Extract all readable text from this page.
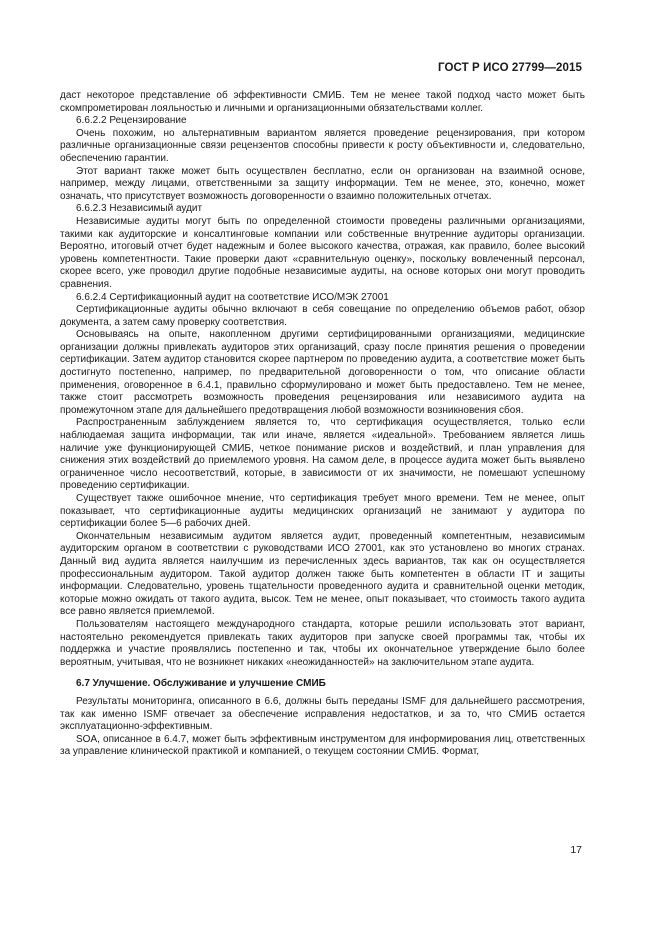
ГОСТ Р ИСО 27799—2015

даст некоторое представление об эффективности СМИБ. Тем не менее такой подход часто может быть скомпрометирован лояльностью и личными и организационными обязательствами коллег.

6.6.2.2 Рецензирование

Очень похожим, но альтернативным вариантом является проведение рецензирования, при котором различные организационные связи рецензентов способны привести к росту объективности и, следовательно, обеспечению гарантии.

Этот вариант также может быть осуществлен бесплатно, если он организован на взаимной основе, например, между лицами, ответственными за защиту информации. Тем не менее, это, конечно, может означать, что присутствует возможность договоренности о взаимно положительных отчетах.

6.6.2.3 Независимый аудит

Независимые аудиты могут быть по определенной стоимости проведены различными организациями, такими как аудиторские и консалтинговые компании или собственные внутренние аудиторы организации. Вероятно, итоговый отчет будет надежным и более высокого качества, отражая, как правило, более высокий уровень компетентности. Такие проверки дают «сравнительную оценку», поскольку вовлеченный персонал, скорее всего, уже проводил другие подобные независимые аудиты, на основе которых они могут проводить сравнения.

6.6.2.4 Сертификационный аудит на соответствие ИСО/МЭК 27001

Сертификационные аудиты обычно включают в себя совещание по определению объемов работ, обзор документа, а затем саму проверку соответствия.

Основываясь на опыте, накопленном другими сертифицированными организациями, медицинские организации должны привлекать аудиторов этих организаций, сразу после принятия решения о проведении сертификации. Затем аудитор становится скорее партнером по проведению аудита, а соответствие может быть достигнуто постепенно, например, по предварительной договоренности о том, что описание области применения, оговоренное в 6.4.1, правильно сформулировано и может быть предоставлено. Тем не менее, также стоит рассмотреть возможность проведения рецензирования или независимого аудита на промежуточном этапе для дальнейшего предотвращения любой возможности возникновения сбоя.

Распространенным заблуждением является то, что сертификация осуществляется, только если наблюдаемая защита информации, так или иначе, является «идеальной». Требованием является лишь наличие уже функционирующей СМИБ, четкое понимание рисков и воздействий, и план управления для снижения этих воздействий до приемлемого уровня. На самом деле, в процессе аудита может быть выявлено ограниченное число несоответствий, которые, в зависимости от их значимости, не помешают успешному проведению сертификации.

Существует также ошибочное мнение, что сертификация требует много времени. Тем не менее, опыт показывает, что сертификационные аудиты медицинских организаций не занимают у аудитора по сертификации более 5—6 рабочих дней.

Окончательным независимым аудитом является аудит, проведенный компетентным, независимым аудиторским органом в соответствии с руководствами ИСО 27001, как это установлено во многих странах. Данный вид аудита является наилучшим из перечисленных здесь вариантов, так как он осуществляется профессиональным аудитором. Такой аудитор должен также быть компетентен в области IT и защиты информации. Следовательно, уровень тщательности проведенного аудита и сравнительной оценки методик, которые можно ожидать от такого аудита, высок. Тем не менее, опыт показывает, что стоимость такого аудита все равно является приемлемой.

Пользователям настоящего международного стандарта, которые решили использовать этот вариант, настоятельно рекомендуется привлекать таких аудиторов при запуске своей программы так, чтобы их поддержка и участие проявлялись постепенно и так, чтобы их окончательное утверждение было более вероятным, учитывая, что не возникнет никаких «неожиданностей» на заключительном этапе аудита.

6.7 Улучшение. Обслуживание и улучшение СМИБ

Результаты мониторинга, описанного в 6.6, должны быть переданы ISMF для дальнейшего рассмотрения, так как именно ISMF отвечает за обеспечение исправления недостатков, и за то, что СМИБ остается эксплуатационно-эффективным.

SOA, описанное в 6.4.7, может быть эффективным инструментом для информирования лиц, ответственных за управление клинической практикой и компанией, о текущем состоянии СМИБ. Формат,

17
